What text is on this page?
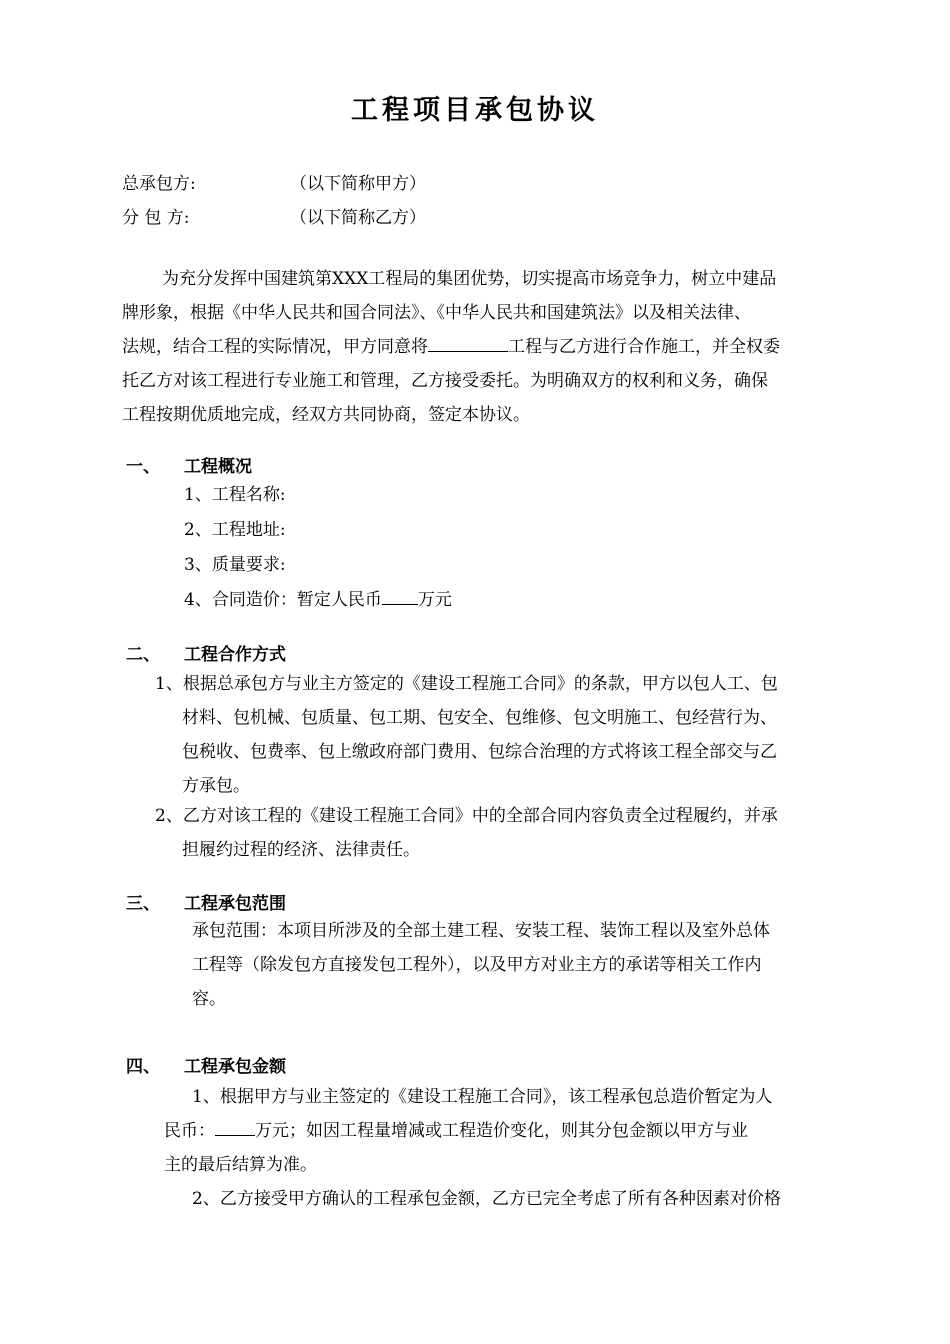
工程项目承包协议
总承包方:	（以下简称甲方）
分 包 方:	（以下简称乙方）
为充分发挥中国建筑第XXX工程局的集团优势，切实提高市场竞争力，树立中建品
牌形象，根据《中华人民共和国合同法》、《中华人民共和国建筑法》以及相关法律、
法规，结合工程的实际情况，甲方同意将	工程与乙方进行合作施工，并全权委
托乙方对该工程进行专业施工和管理，乙方接受委托。为明确双方的权利和义务，确保
工程按期优质地完成，经双方共同协商，签定本协议。
一、 工程概况
1、工程名称:
2、工程地址:
3、质量要求:
4、合同造价：暂定人民币 万元
二、 工程合作方式
1、根据总承包方与业主方签定的《建设工程施工合同》的条款，甲方以包人工、包
材料、包机械、包质量、包工期、包安全、包维修、包文明施工、包经营行为、
包税收、包费率、包上缴政府部门费用、包综合治理的方式将该工程全部交与乙
方承包。
2、乙方对该工程的《建设工程施工合同》中的全部合同内容负责全过程履约，并承
担履约过程的经济、法律责任。
三、 工程承包范围
承包范围：本项目所涉及的全部土建工程、安装工程、装饰工程以及室外总体
工程等（除发包方直接发包工程外），以及甲方对业主方的承诺等相关工作内
容。
四、 工程承包金额
1、根据甲方与业主签定的《建设工程施工合同》，该工程承包总造价暂定为人
民币： 万元；如因工程量增减或工程造价变化，则其分包金额以甲方与业
主的最后结算为准。
2、乙方接受甲方确认的工程承包金额，乙方已完全考虑了所有各种因素对价格
